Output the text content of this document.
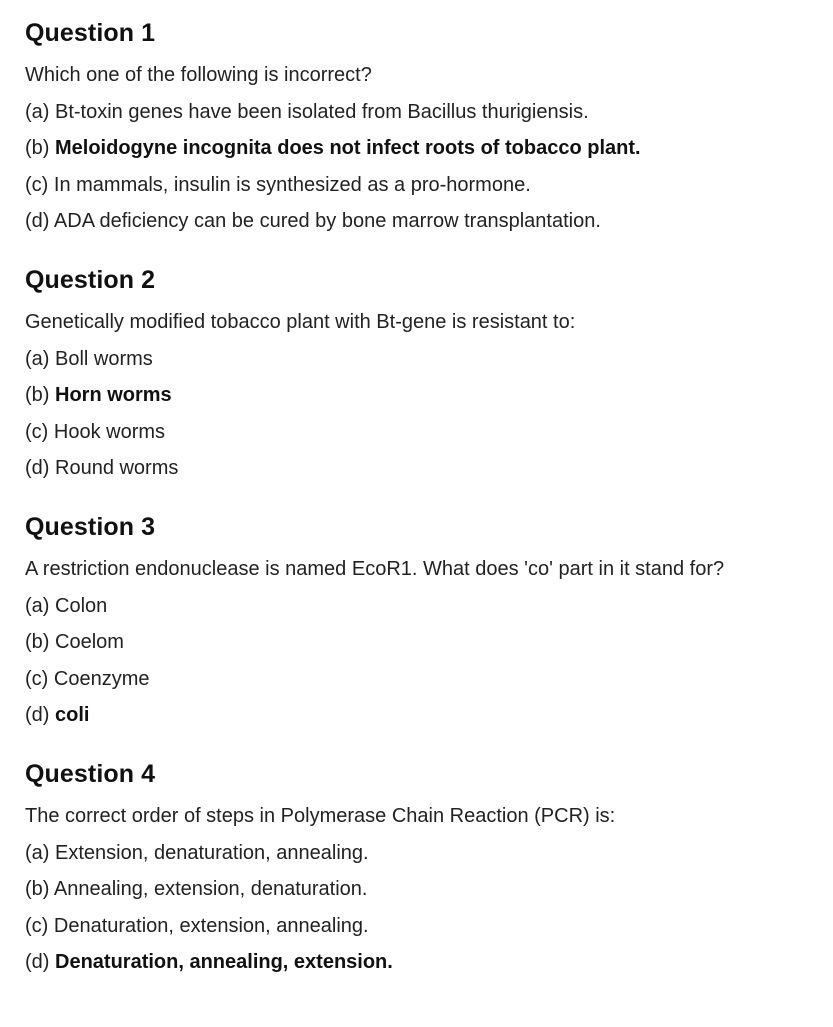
Question 1

Which one of the following is incorrect?

(a) Bt-toxin genes have been isolated from Bacillus thurigiensis.

(b) Meloidogyne incognita does not infect roots of tobacco plant.

(c) In mammals, insulin is synthesized as a pro-hormone.

(d) ADA deficiency can be cured by bone marrow transplantation.

Question 2

Genetically modified tobacco plant with Bt-gene is resistant to:

(a) Boll worms

(b) Horn worms

(c) Hook worms

(d) Round worms

Question 3

A restriction endonuclease is named EcoR1. What does 'co' part in it stand for?

(a) Colon

(b) Coelom

(c) Coenzyme

(d) coli

Question 4

The correct order of steps in Polymerase Chain Reaction (PCR) is:

(a) Extension, denaturation, annealing.

(b) Annealing, extension, denaturation.

(c) Denaturation, extension, annealing.

(d) Denaturation, annealing, extension.
